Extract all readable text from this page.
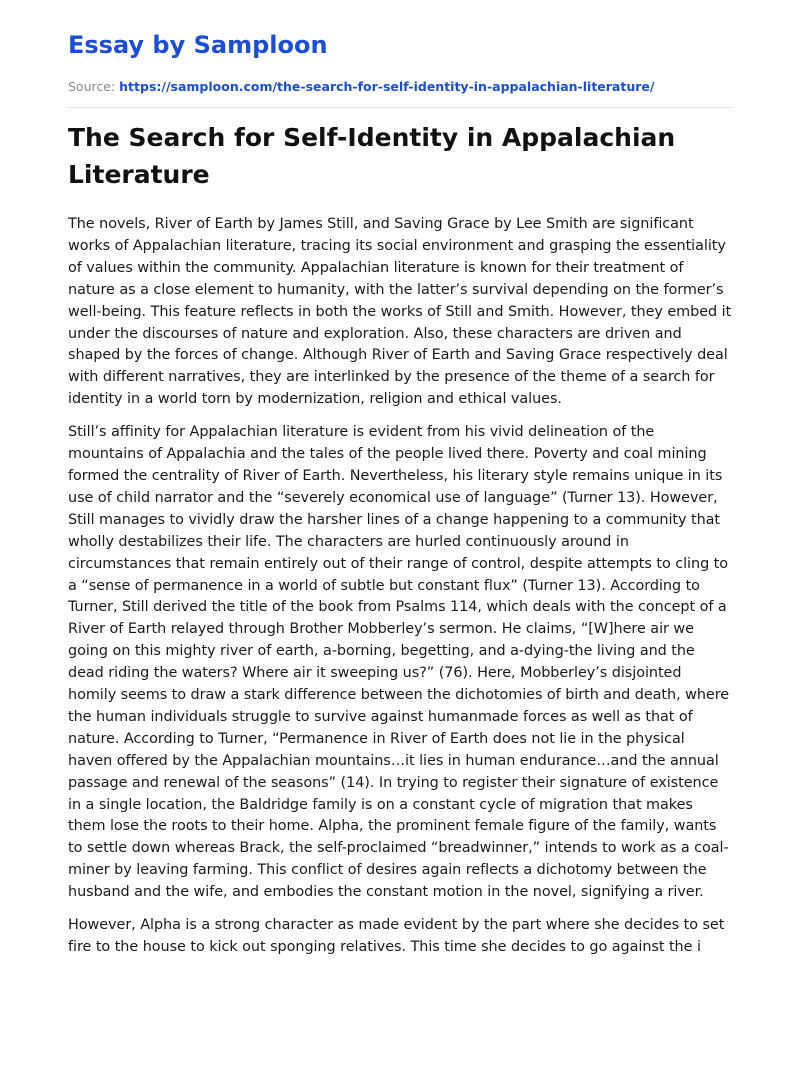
Essay by Samploon
Source: https://samploon.com/the-search-for-self-identity-in-appalachian-literature/
The Search for Self-Identity in Appalachian Literature

The novels, River of Earth by James Still, and Saving Grace by Lee Smith are significant works of Appalachian literature, tracing its social environment and grasping the essentiality of values within the community. Appalachian literature is known for their treatment of nature as a close element to humanity, with the latter’s survival depending on the former’s well-being. This feature reflects in both the works of Still and Smith. However, they embed it under the discourses of nature and exploration. Also, these characters are driven and shaped by the forces of change. Although River of Earth and Saving Grace respectively deal with different narratives, they are interlinked by the presence of the theme of a search for identity in a world torn by modernization, religion and ethical values.

Still’s affinity for Appalachian literature is evident from his vivid delineation of the mountains of Appalachia and the tales of the people lived there. Poverty and coal mining formed the centrality of River of Earth. Nevertheless, his literary style remains unique in its use of child narrator and the “severely economical use of language” (Turner 13). However, Still manages to vividly draw the harsher lines of a change happening to a community that wholly destabilizes their life. The characters are hurled continuously around in circumstances that remain entirely out of their range of control, despite attempts to cling to a “sense of permanence in a world of subtle but constant flux” (Turner 13). According to Turner, Still derived the title of the book from Psalms 114, which deals with the concept of a River of Earth relayed through Brother Mobberley’s sermon. He claims, “[W]here air we going on this mighty river of earth, a-borning, begetting, and a-dying-the living and the dead riding the waters? Where air it sweeping us?” (76). Here, Mobberley’s disjointed homily seems to draw a stark difference between the dichotomies of birth and death, where the human individuals struggle to survive against humanmade forces as well as that of nature. According to Turner, “Permanence in River of Earth does not lie in the physical haven offered by the Appalachian mountains…it lies in human endurance…and the annual passage and renewal of the seasons” (14). In trying to register their signature of existence in a single location, the Baldridge family is on a constant cycle of migration that makes them lose the roots to their home. Alpha, the prominent female figure of the family, wants to settle down whereas Brack, the self-proclaimed “breadwinner,” intends to work as a coal-miner by leaving farming. This conflict of desires again reflects a dichotomy between the husband and the wife, and embodies the constant motion in the novel, signifying a river.

However, Alpha is a strong character as made evident by the part where she decides to set fire to the house to kick out sponging relatives. This time she decides to go against the i
